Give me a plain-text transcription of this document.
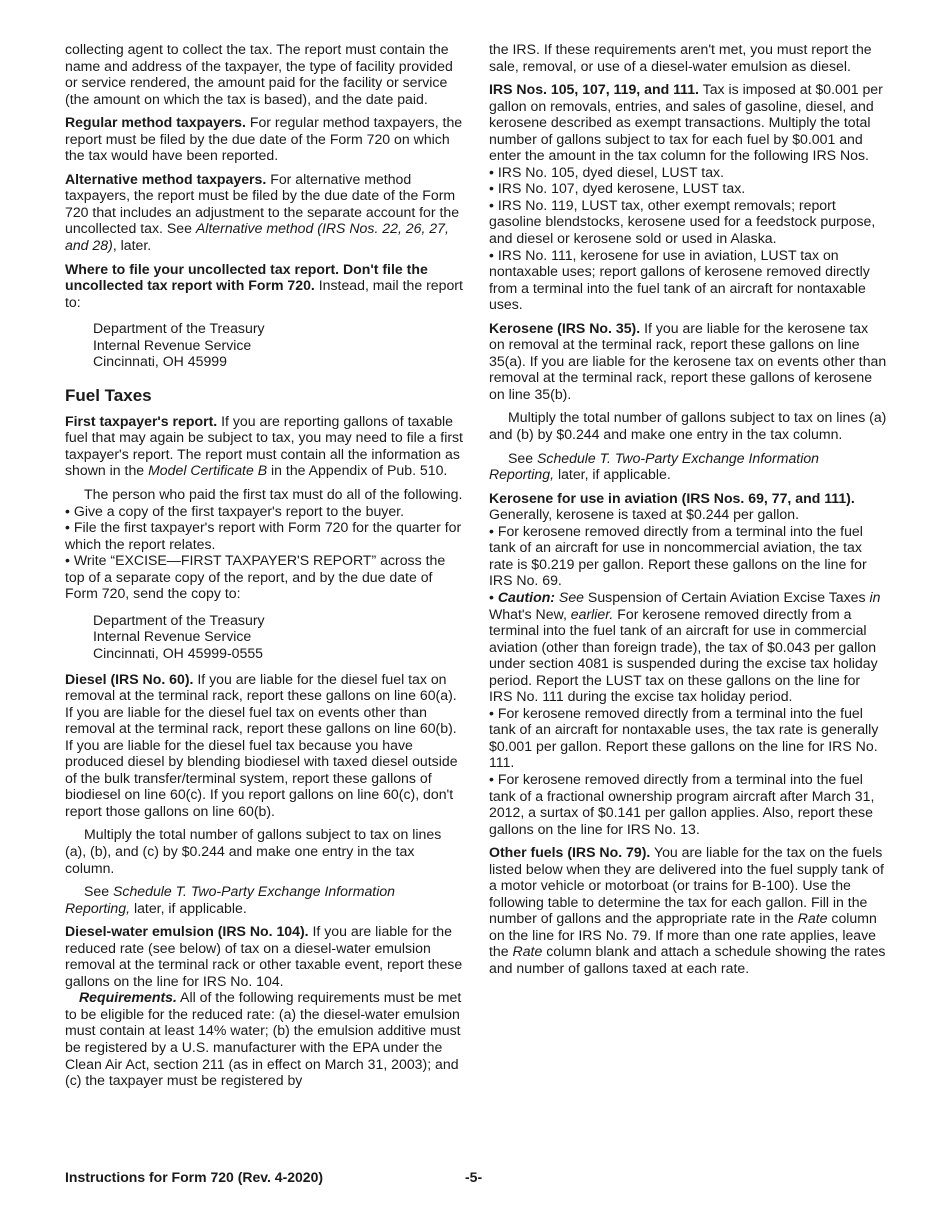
collecting agent to collect the tax. The report must contain the name and address of the taxpayer, the type of facility provided or service rendered, the amount paid for the facility or service (the amount on which the tax is based), and the date paid.

Regular method taxpayers. For regular method taxpayers, the report must be filed by the due date of the Form 720 on which the tax would have been reported.

Alternative method taxpayers. For alternative method taxpayers, the report must be filed by the due date of the Form 720 that includes an adjustment to the separate account for the uncollected tax. See Alternative method (IRS Nos. 22, 26, 27, and 28), later.

Where to file your uncollected tax report. Don't file the uncollected tax report with Form 720. Instead, mail the report to:

Department of the Treasury
Internal Revenue Service
Cincinnati, OH 45999
Fuel Taxes

First taxpayer's report. If you are reporting gallons of taxable fuel that may again be subject to tax, you may need to file a first taxpayer's report. The report must contain all the information as shown in the Model Certificate B in the Appendix of Pub. 510.

The person who paid the first tax must do all of the following.

• Give a copy of the first taxpayer's report to the buyer.

• File the first taxpayer's report with Form 720 for the quarter for which the report relates.

• Write “EXCISE—FIRST TAXPAYER'S REPORT” across the top of a separate copy of the report, and by the due date of Form 720, send the copy to:

Department of the Treasury
Internal Revenue Service
Cincinnati, OH 45999-0555

Diesel (IRS No. 60). If you are liable for the diesel fuel tax on removal at the terminal rack, report these gallons on line 60(a). If you are liable for the diesel fuel tax on events other than removal at the terminal rack, report these gallons on line 60(b). If you are liable for the diesel fuel tax because you have produced diesel by blending biodiesel with taxed diesel outside of the bulk transfer/terminal system, report these gallons of biodiesel on line 60(c). If you report gallons on line 60(c), don't report those gallons on line 60(b).

Multiply the total number of gallons subject to tax on lines (a), (b), and (c) by $0.244 and make one entry in the tax column.

See Schedule T. Two-Party Exchange Information Reporting, later, if applicable.

Diesel-water emulsion (IRS No. 104). If you are liable for the reduced rate (see below) of tax on a diesel-water emulsion removal at the terminal rack or other taxable event, report these gallons on the line for IRS No. 104.

Requirements. All of the following requirements must be met to be eligible for the reduced rate: (a) the diesel-water emulsion must contain at least 14% water; (b) the emulsion additive must be registered by a U.S. manufacturer with the EPA under the Clean Air Act, section 211 (as in effect on March 31, 2003); and (c) the taxpayer must be registered by

the IRS. If these requirements aren't met, you must report the sale, removal, or use of a diesel-water emulsion as diesel.

IRS Nos. 105, 107, 119, and 111. Tax is imposed at $0.001 per gallon on removals, entries, and sales of gasoline, diesel, and kerosene described as exempt transactions. Multiply the total number of gallons subject to tax for each fuel by $0.001 and enter the amount in the tax column for the following IRS Nos.

• IRS No. 105, dyed diesel, LUST tax.

• IRS No. 107, dyed kerosene, LUST tax.

• IRS No. 119, LUST tax, other exempt removals; report gasoline blendstocks, kerosene used for a feedstock purpose, and diesel or kerosene sold or used in Alaska.

• IRS No. 111, kerosene for use in aviation, LUST tax on nontaxable uses; report gallons of kerosene removed directly from a terminal into the fuel tank of an aircraft for nontaxable uses.

Kerosene (IRS No. 35). If you are liable for the kerosene tax on removal at the terminal rack, report these gallons on line 35(a). If you are liable for the kerosene tax on events other than removal at the terminal rack, report these gallons of kerosene on line 35(b).

Multiply the total number of gallons subject to tax on lines (a) and (b) by $0.244 and make one entry in the tax column.

See Schedule T. Two-Party Exchange Information Reporting, later, if applicable.

Kerosene for use in aviation (IRS Nos. 69, 77, and 111). Generally, kerosene is taxed at $0.244 per gallon.

• For kerosene removed directly from a terminal into the fuel tank of an aircraft for use in noncommercial aviation, the tax rate is $0.219 per gallon. Report these gallons on the line for IRS No. 69.

• Caution: See Suspension of Certain Aviation Excise Taxes in What's New, earlier. For kerosene removed directly from a terminal into the fuel tank of an aircraft for use in commercial aviation (other than foreign trade), the tax of $0.043 per gallon under section 4081 is suspended during the excise tax holiday period. Report the LUST tax on these gallons on the line for IRS No. 111 during the excise tax holiday period.

• For kerosene removed directly from a terminal into the fuel tank of an aircraft for nontaxable uses, the tax rate is generally $0.001 per gallon. Report these gallons on the line for IRS No. 111.

• For kerosene removed directly from a terminal into the fuel tank of a fractional ownership program aircraft after March 31, 2012, a surtax of $0.141 per gallon applies. Also, report these gallons on the line for IRS No. 13.

Other fuels (IRS No. 79). You are liable for the tax on the fuels listed below when they are delivered into the fuel supply tank of a motor vehicle or motorboat (or trains for B-100). Use the following table to determine the tax for each gallon. Fill in the number of gallons and the appropriate rate in the Rate column on the line for IRS No. 79. If more than one rate applies, leave the Rate column blank and attach a schedule showing the rates and number of gallons taxed at each rate.

Instructions for Form 720 (Rev. 4-2020)	-5-
